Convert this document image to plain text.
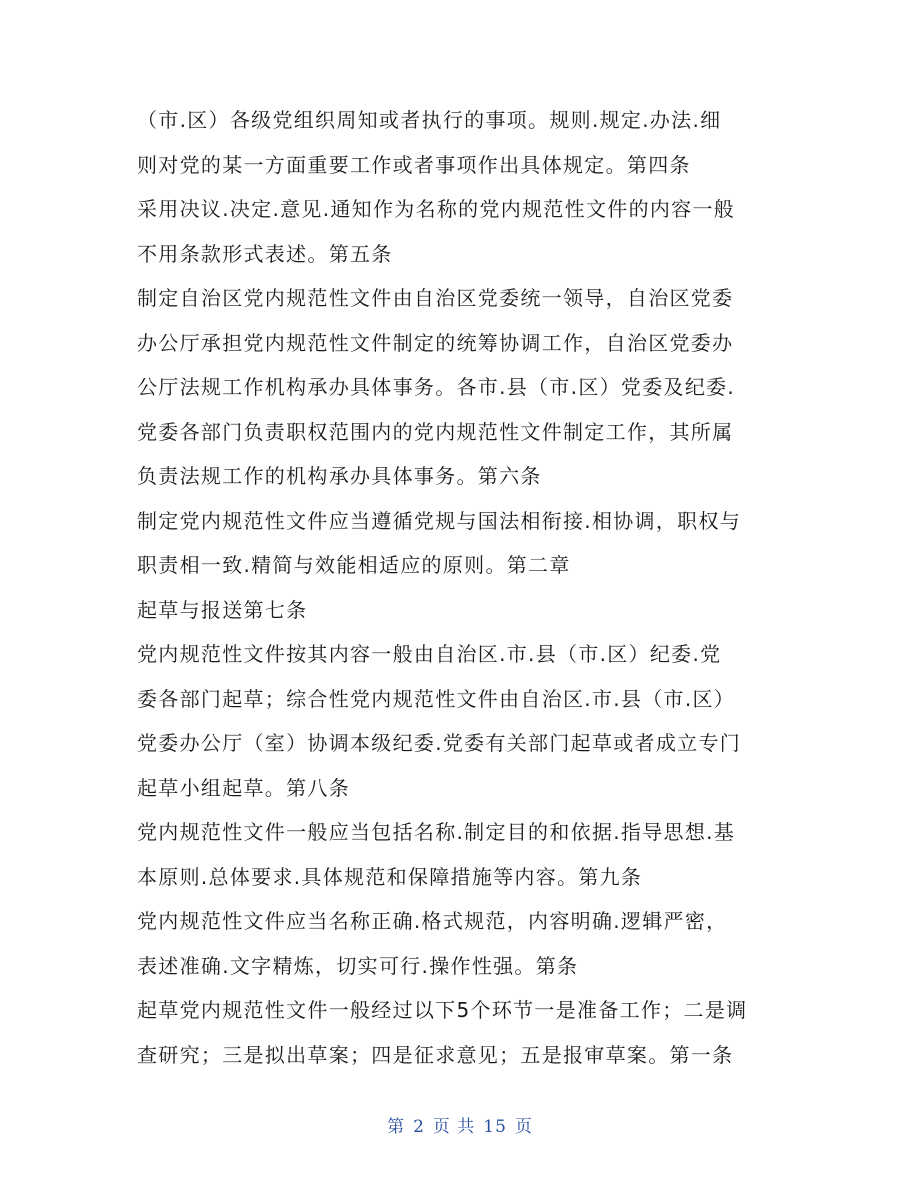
（市.区）各级党组织周知或者执行的事项。规则.规定.办法.细
则对党的某一方面重要工作或者事项作出具体规定。第四条
采用决议.决定.意见.通知作为名称的党内规范性文件的内容一般
不用条款形式表述。第五条
制定自治区党内规范性文件由自治区党委统一领导，自治区党委
办公厅承担党内规范性文件制定的统筹协调工作，自治区党委办
公厅法规工作机构承办具体事务。各市.县（市.区）党委及纪委.
党委各部门负责职权范围内的党内规范性文件制定工作，其所属
负责法规工作的机构承办具体事务。第六条
制定党内规范性文件应当遵循党规与国法相衔接.相协调，职权与
职责相一致.精简与效能相适应的原则。第二章
起草与报送第七条
党内规范性文件按其内容一般由自治区.市.县（市.区）纪委.党
委各部门起草；综合性党内规范性文件由自治区.市.县（市.区）
党委办公厅（室）协调本级纪委.党委有关部门起草或者成立专门
起草小组起草。第八条
党内规范性文件一般应当包括名称.制定目的和依据.指导思想.基
本原则.总体要求.具体规范和保障措施等内容。第九条
党内规范性文件应当名称正确.格式规范，内容明确.逻辑严密，
表述准确.文字精炼，切实可行.操作性强。第条
起草党内规范性文件一般经过以下5个环节一是准备工作；二是调
查研究；三是拟出草案；四是征求意见；五是报审草案。第一条
第 2 页 共 15 页
